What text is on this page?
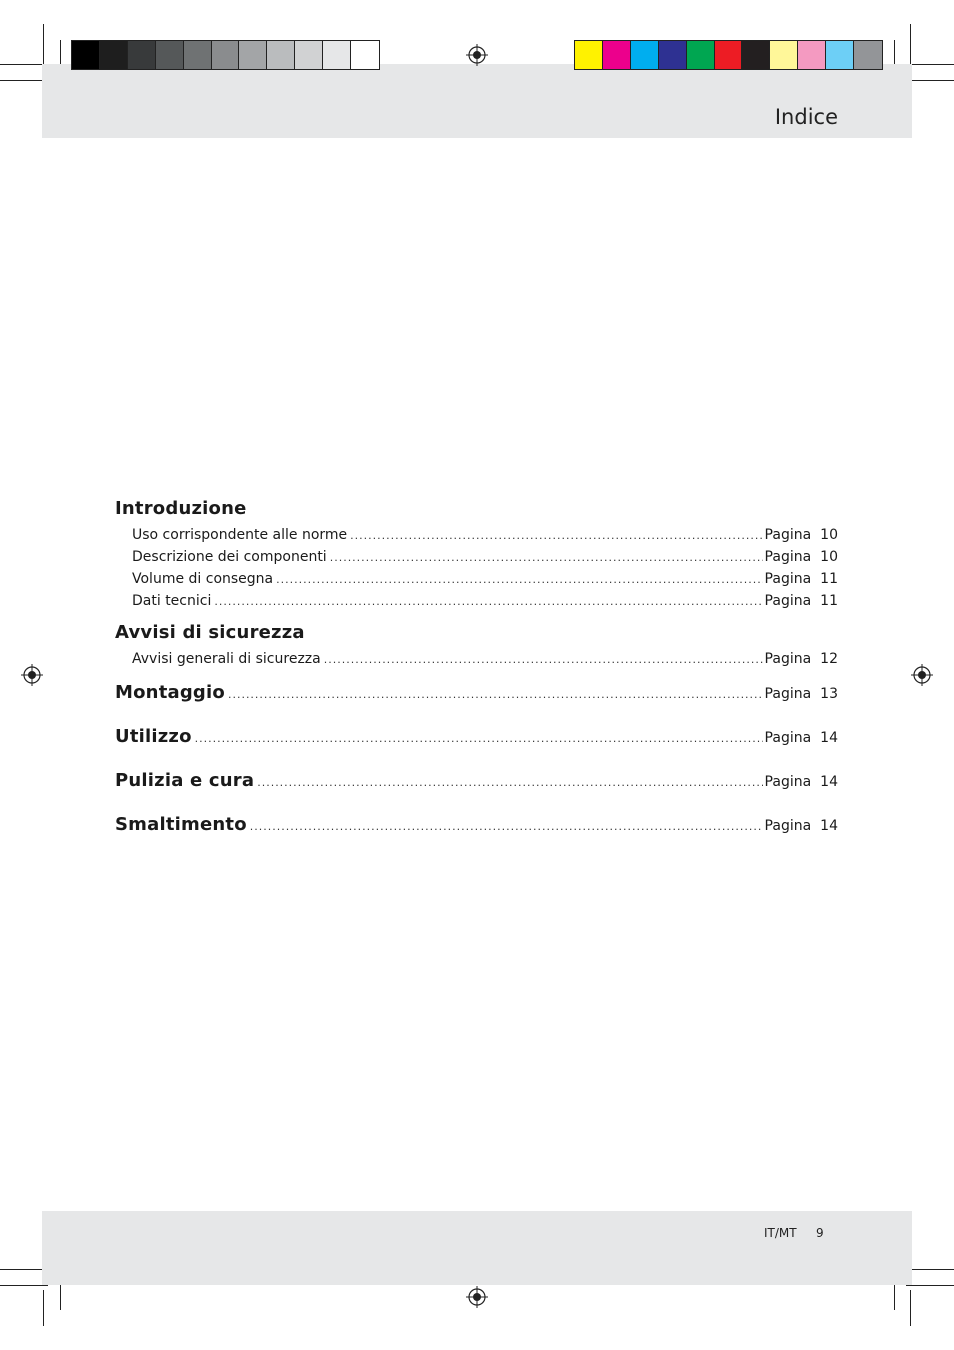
Indice
Introduzione
Uso corrispondente alle norme .....	Pagina 10
Descrizione dei componenti .....	Pagina 10
Volume di consegna .....	Pagina 11
Dati tecnici .....	Pagina 11
Avvisi di sicurezza
Avvisi generali di sicurezza .....	Pagina 12
Montaggio .....	Pagina 13
Utilizzo .....	Pagina 14
Pulizia e cura .....	Pagina 14
Smaltimento .....	Pagina 14
IT/MT 9
